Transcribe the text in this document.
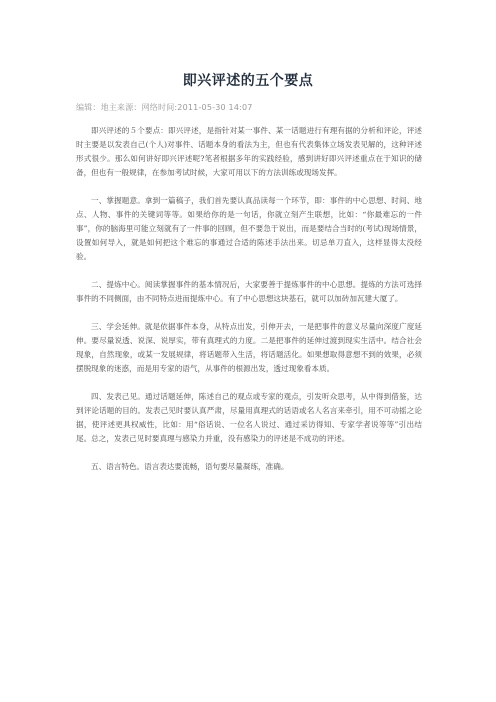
即兴评述的五个要点
编辑：地主来源：网络时间:2011-05-30 14:07

即兴评述的５个要点：即兴评述，是指针对某一事件、某一话题进行有理有据的分析和评论，评述时主要是以发表自己(个人)对事件、话题本身的看法为主，但也有代表集体立场发表见解的，这种评述形式很少。那么如何讲好即兴评述呢?笔者根据多年的实践经验，感到讲好即兴评述重点在于知识的储备，但也有一般规律，在参加考试时候，大家可用以下的方法训练或现场发挥。

一、掌握题意。拿到一篇稿子，我们首先要认真品读每一个环节，即：事件的中心思想、时间、地点、人物、事件的关键词等等。如果给你的是一句话，你就立刻产生联想，比如：“你最难忘的一件事”，你的脑海里可能立刻就有了一件事的回顾，但不要急于说出，而是要结合当时的(考试)现场情景，设置如何导入，就是如何把这个难忘的事通过合适的陈述手法出来。切忌单刀直入，这样显得太没经验。

二、提炼中心。阅读掌握事件的基本情况后，大家要善于提炼事件的中心思想。提炼的方法可选择事件的不同侧面，由不同特点进而提炼中心。有了中心思想这块基石，就可以加砖加瓦建大厦了。

三、学会延伸。就是依据事件本身，从特点出发，引伸开去，一是把事件的意义尽量向深度广度延伸。要尽量说透、说深、说厚实，带有真理式的力度。二是把事件的延伸过渡到现实生活中。结合社会现象，自然现象，或某一发展规律，将话题带入生活，将话题活化。如果想取得意想不到的效果，必须摆脱现象的迷惑，而是用专家的语气，从事件的根源出发，透过现象看本质。

四、发表己见。通过话题延伸，陈述自己的观点或专家的观点，引发听众思考，从中得到借鉴，达到评论话题的目的。发表己见时要认真严肃，尽量用真理式的话语或名人名言来牵引，用不可动摇之论据，使评述更具权威性，比如：用“俗话说、一位名人说过、通过采访得知、专家学者说等等”引出结尾。总之，发表己见时要真理与感染力并重，没有感染力的评述是不成功的评述。

五、语言特色。语言表达要流畅，语句要尽量凝练，准确。
